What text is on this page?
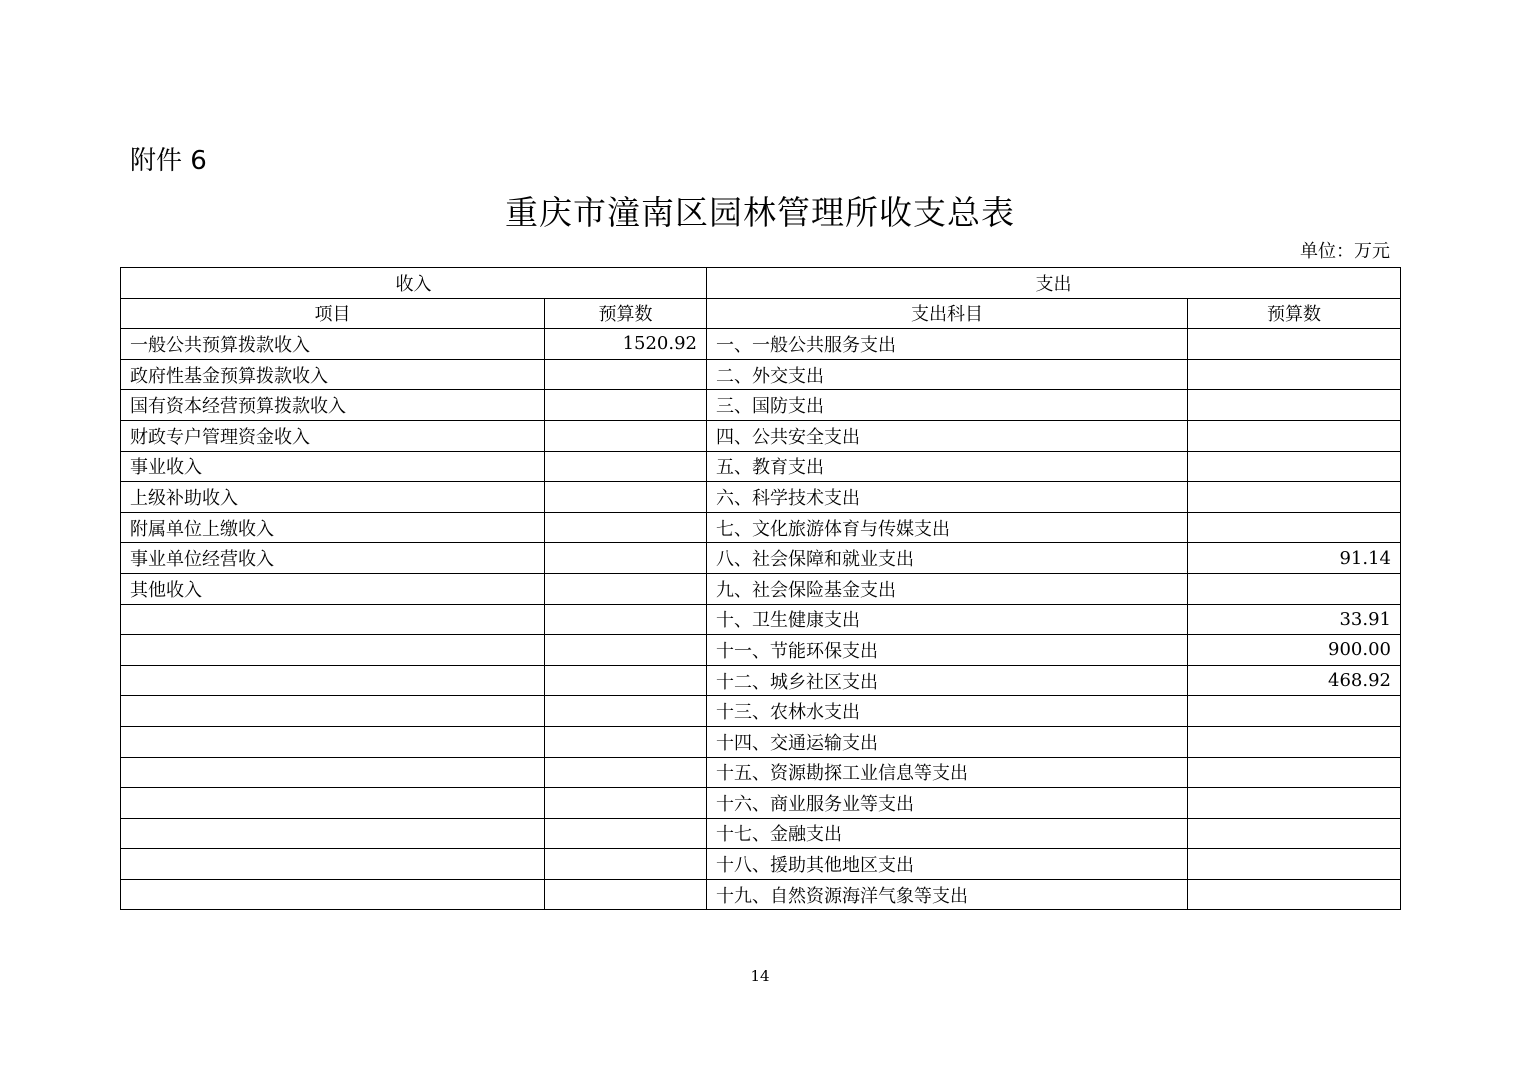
附件 6
重庆市潼南区园林管理所收支总表
单位：万元
收入		支出	
项目	预算数	支出科目	预算数
一般公共预算拨款收入	1520.92	一、一般公共服务支出	
政府性基金预算拨款收入		二、外交支出	
国有资本经营预算拨款收入		三、国防支出	
财政专户管理资金收入		四、公共安全支出	
事业收入		五、教育支出	
上级补助收入		六、科学技术支出	
附属单位上缴收入		七、文化旅游体育与传媒支出	
事业单位经营收入		八、社会保障和就业支出	91.14
其他收入		九、社会保险基金支出	
		十、卫生健康支出	33.91
		十一、节能环保支出	900.00
		十二、城乡社区支出	468.92
		十三、农林水支出	
		十四、交通运输支出	
		十五、资源勘探工业信息等支出	
		十六、商业服务业等支出	
		十七、金融支出	
		十八、援助其他地区支出	
		十九、自然资源海洋气象等支出	
14
